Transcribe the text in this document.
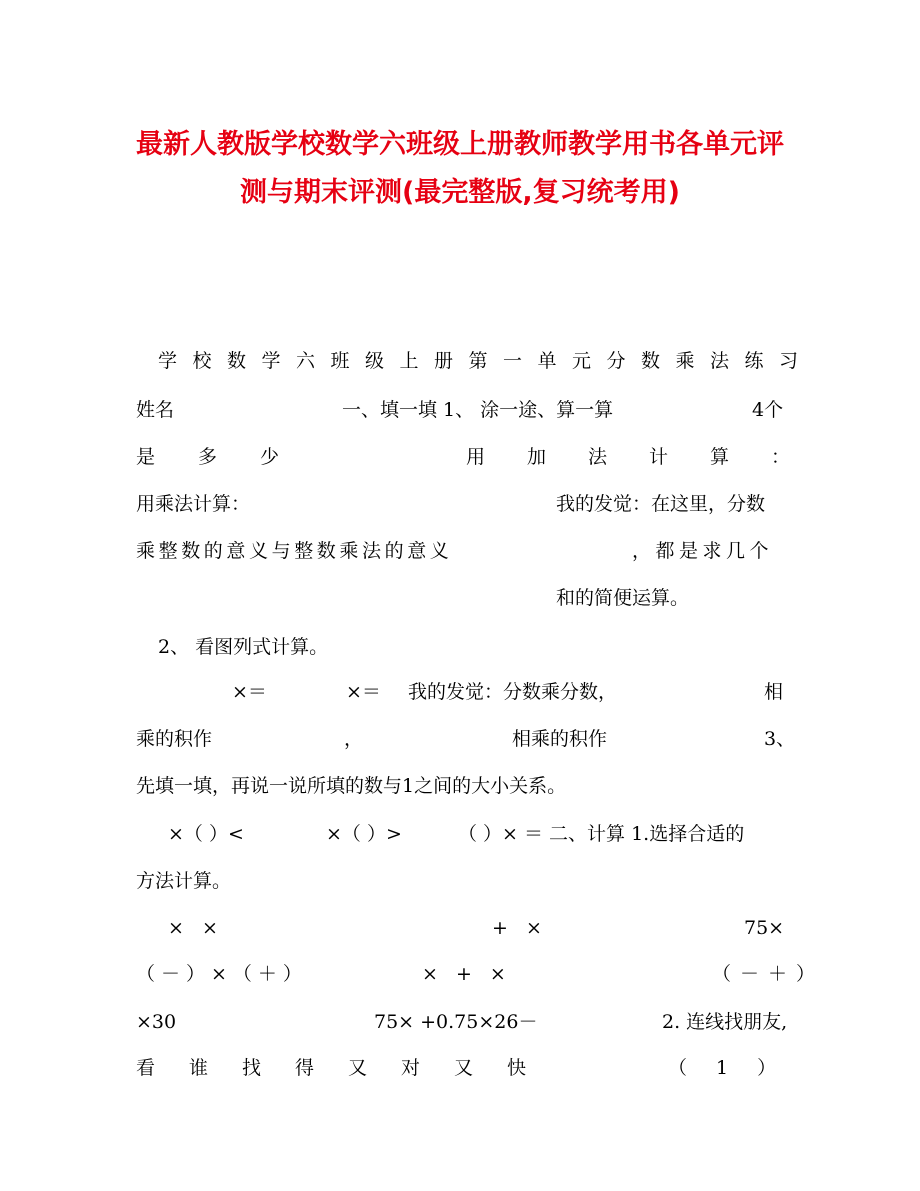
最新人教版学校数学六班级上册教师教学用书各单元评
测与期末评测(最完整版,复习统考用)
学校数学六班级上册第一单元分数乘法练习
姓名	一、填一填 1、 涂一途、算一算	4个
是多少	用加法计算：
用乘法计算：	我的发觉：在这里，分数
乘整数的意义与整数乘法的意义	，都是求几个
和的简便运算。
2、 看图列式计算。
×＝	×＝ 我的发觉：分数乘分数，	相
乘的积作	，	相乘的积作	3、
先填一填，再说一说所填的数与1之间的大小关系。
×（ ）<	×（ ）>	（ ）× ＝ 二、计算 1.选择合适的
方法计算。
× ×	+ ×	75×
（－）×（＋）	× + ×	（－＋）
×30	75× +0.75×26－	2. 连线找朋友,
看谁找得又对又快	（1）
